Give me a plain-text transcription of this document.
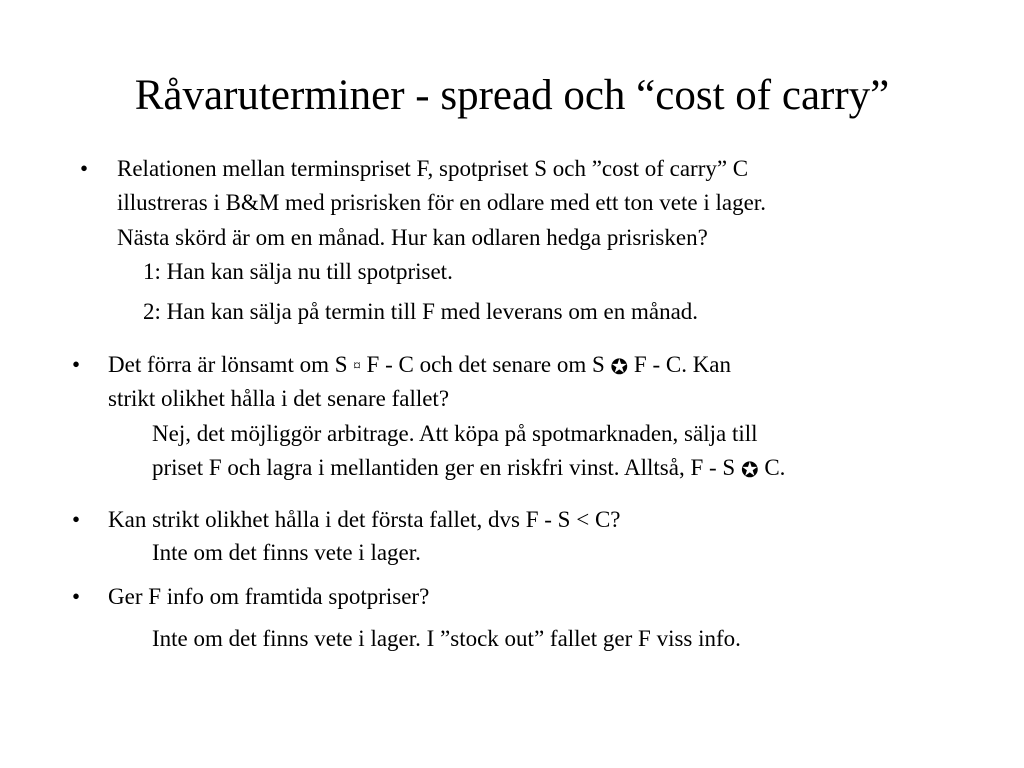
Råvaruterminer - spread och “cost of carry”
• Relationen mellan terminspriset F, spotpriset S och ”cost of carry” C
illustreras i B&M med prisrisken för en odlare med ett ton vete i lager.
Nästa skörd är om en månad. Hur kan odlaren hedga prisrisken?
1: Han kan sälja nu till spotpriset.
2: Han kan sälja på termin till F med leverans om en månad.
• Det förra är lönsamt om S ¤ F - C och det senare om S ✪ F - C. Kan
strikt olikhet hålla i det senare fallet?
Nej, det möjliggör arbitrage. Att köpa på spotmarknaden, sälja till
priset F och lagra i mellantiden ger en riskfri vinst. Alltså, F - S ✪ C.
• Kan strikt olikhet hålla i det första fallet, dvs F - S < C?
Inte om det finns vete i lager.
• Ger F info om framtida spotpriser?
Inte om det finns vete i lager. I ”stock out” fallet ger F viss info.
